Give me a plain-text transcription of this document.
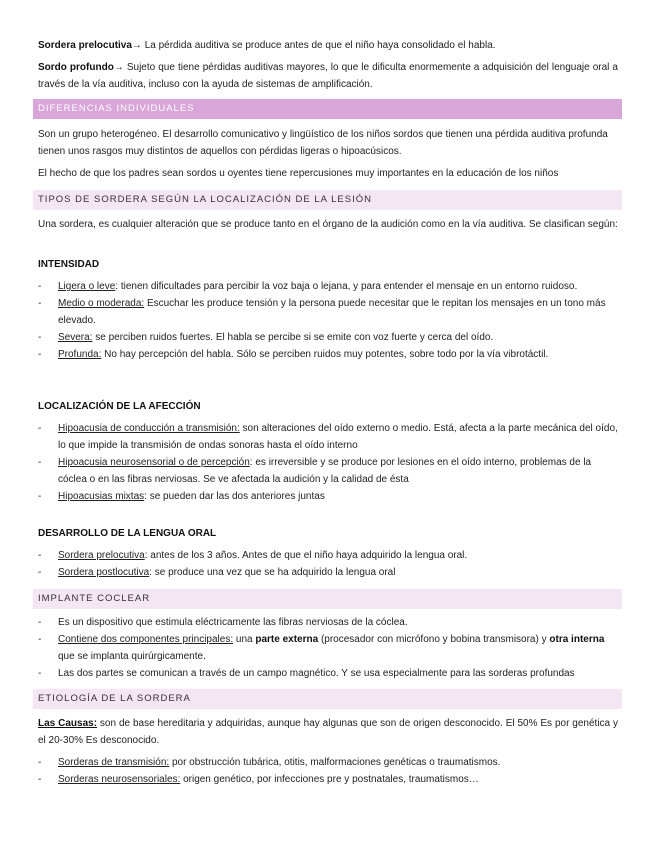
Sordera prelocutiva→ La pérdida auditiva se produce antes de que el niño haya consolidado el habla.

Sordo profundo→ Sujeto que tiene pérdidas auditivas mayores, lo que le dificulta enormemente a adquisición del lenguaje oral a través de la vía auditiva, incluso con la ayuda de sistemas de amplificación.

DIFERENCIAS INDIVIDUALES

Son un grupo heterogéneo. El desarrollo comunicativo y lingüístico de los niños sordos que tienen una pérdida auditiva profunda tienen unos rasgos muy distintos de aquellos con pérdidas ligeras o hipoacúsicos.

El hecho de que los padres sean sordos u oyentes tiene repercusiones muy importantes en la educación de los niños

TIPOS DE SORDERA SEGÚN LA LOCALIZACIÓN DE LA LESIÓN

Una sordera, es cualquier alteración que se produce tanto en el órgano de la audición como en la vía auditiva. Se clasifican según:

INTENSIDAD
- Ligera o leve: tienen dificultades para percibir la voz baja o lejana, y para entender el mensaje en un entorno ruidoso.
- Medio o moderada: Escuchar les produce tensión y la persona puede necesitar que le repitan los mensajes en un tono más elevado.
- Severa: se perciben ruidos fuertes. El habla se percibe si se emite con voz fuerte y cerca del oído.
- Profunda: No hay percepción del habla. Sólo se perciben ruidos muy potentes, sobre todo por la vía vibrotáctil.
LOCALIZACIÓN DE LA AFECCIÓN
- Hipoacusia de conducción a transmisión: son alteraciones del oído externo o medio. Está, afecta a la parte mecánica del oído, lo que impide la transmisión de ondas sonoras hasta el oído interno
- Hipoacusia neurosensorial o de percepción: es irreversible y se produce por lesiones en el oído interno, problemas de la cóclea o en las fibras nerviosas. Se ve afectada la audición y la calidad de ésta
- Hipoacusias mixtas: se pueden dar las dos anteriores juntas
DESARROLLO DE LA LENGUA ORAL
- Sordera prelocutiva: antes de los 3 años. Antes de que el niño haya adquirido la lengua oral.
- Sordera postlocutiva: se produce una vez que se ha adquirido la lengua oral
IMPLANTE COCLEAR
- Es un dispositivo que estimula eléctricamente las fibras nerviosas de la cóclea.
- Contiene dos componentes principales: una parte externa (procesador con micrófono y bobina transmisora) y otra interna que se implanta quirúrgicamente.
- Las dos partes se comunican a través de un campo magnético. Y se usa especialmente para las sorderas profundas
ETIOLOGÍA DE LA SORDERA

Las Causas: son de base hereditaria y adquiridas, aunque hay algunas que son de origen desconocido. El 50% Es por genética y el 20-30% Es desconocido.

- Sorderas de transmisión: por obstrucción tubárica, otitis, malformaciones genéticas o traumatismos.
- Sorderas neurosensoriales: origen genético, por infecciones pre y postnatales, traumatismos…
